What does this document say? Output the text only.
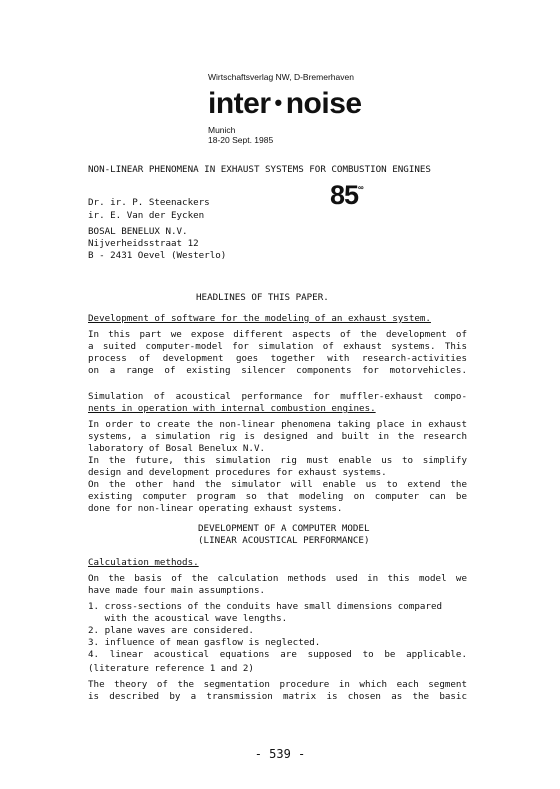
Wirtschaftsverlag NW, D-Bremerhaven
inter • noise
Munich
18-20 Sept. 1985
85∞
NON-LINEAR PHENOMENA IN EXHAUST SYSTEMS FOR COMBUSTION ENGINES
Dr. ir. P. Steenackers
ir. E. Van der Eycken
BOSAL BENELUX N.V.
Nijverheidsstraat 12
B - 2431 Oevel (Westerlo)
HEADLINES OF THIS PAPER.
Development of software for the modeling of an exhaust system.
In this part we expose different aspects of the development of
a suited computer-model for simulation of exhaust systems. This
process of development goes together with research-activities
on a range of existing silencer components for motorvehicles.
Simulation of acoustical performance for muffler-exhaust compo-
nents in operation with internal combustion engines.
In order to create the non-linear phenomena taking place in exhaust
systems, a simulation rig is designed and built in the research
laboratory of Bosal Benelux N.V.
In the future, this simulation rig must enable us to simplify
design and development procedures for exhaust systems.
On the other hand the simulator will enable us to extend the
existing computer program so that modeling on computer can be
done for non-linear operating exhaust systems.
DEVELOPMENT OF A COMPUTER MODEL
(LINEAR ACOUSTICAL PERFORMANCE)
Calculation methods.
On the basis of the calculation methods used in this model we
have made four main assumptions.
1. cross-sections of the conduits have small dimensions compared
with the acoustical wave lengths.
2. plane waves are considered.
3. influence of mean gasflow is neglected.
4. linear acoustical equations are supposed to be applicable.
(literature reference 1 and 2)
The theory of the segmentation procedure in which each segment
is described by a transmission matrix is chosen as the basic
- 539 -
